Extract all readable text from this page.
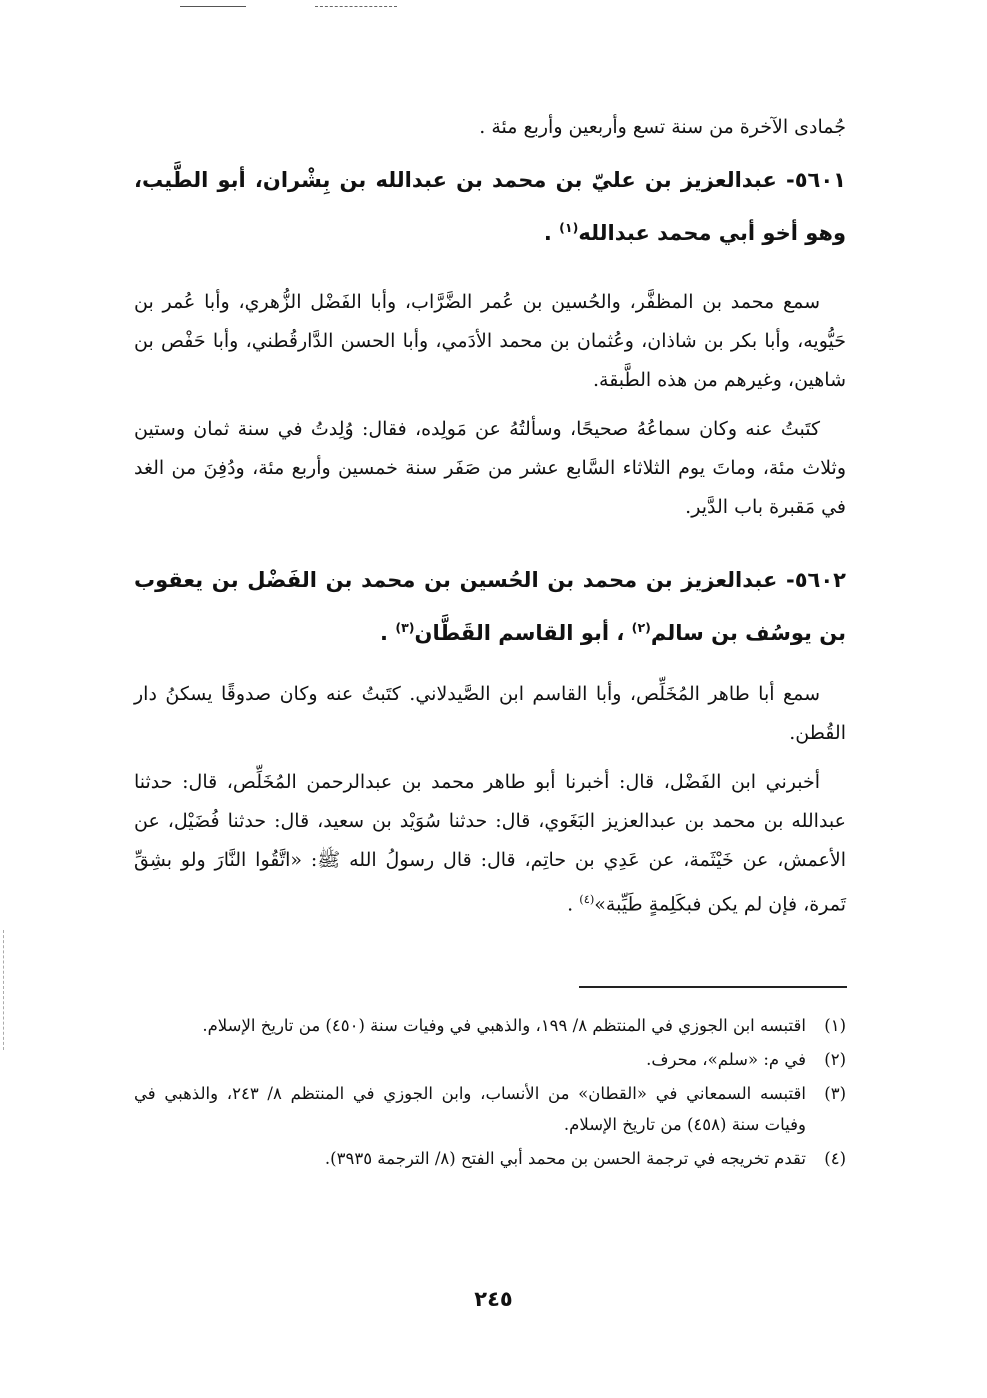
جُمادى الآخرة من سنة تسع وأربعين وأربع مئة .

٥٦٠١- عبدالعزيز بن عليّ بن محمد بن عبدالله بن بِشْران، أبو الطَّيب، وهو أخو أبي محمد عبدالله$^{(١)}$ .

سمع محمد بن المظفَّر، والحُسين بن عُمر الضَّرَّاب، وأبا الفَضْل الزُّهري، وأبا عُمر بن حَيُّويه، وأبا بكر بن شاذان، وعُثمان بن محمد الأدَمي، وأبا الحسن الدَّارقُطني، وأبا حَفْص بن شاهين، وغيرهم من هذه الطَّبقة.

كتَبتُ عنه وكان سماعُهُ صحيحًا، وسألتُهُ عن مَولِده، فقال: وُلِدتُ في سنة ثمان وستين وثلاث مئة، وماتَ يوم الثلاثاء السَّابع عشر من صَفَر سنة خمسين وأربع مئة، ودُفِنَ من الغد في مَقبرة باب الدَّير.

٥٦٠٢- عبدالعزيز بن محمد بن الحُسين بن محمد بن الفَضْل بن يعقوب بن يوسُف بن سالم$^{(٢)}$ ، أبو القاسم القَطَّان$^{(٣)}$ .

سمع أبا طاهر المُخَلِّص، وأبا القاسم ابن الصَّيدلاني. كتَبتُ عنه وكان صدوقًا يسكنُ دار القُطن.

أخبرني ابن الفَضْل، قال: أخبرنا أبو طاهر محمد بن عبدالرحمن المُخَلِّص، قال: حدثنا عبدالله بن محمد بن عبدالعزيز البَغَوي، قال: حدثنا سُوَيْد بن سعيد، قال: حدثنا فُضَيْل، عن الأعمش، عن خَيْثَمة، عن عَدِي بن حاتِم، قال: قال رسولُ الله ﷺ: «اتَّقُوا النَّارَ ولو بشِقِّ تَمرة، فإن لم يكن فبكَلِمةٍ طَيِّبة»$^{(٤)}$ .

(١)
اقتبسه ابن الجوزي في المنتظم ٨/ ١٩٩، والذهبي في وفيات سنة (٤٥٠) من تاريخ الإسلام.
(٢)
في م: «سلم»، محرف.
(٣)
اقتبسه السمعاني في «القطان» من الأنساب، وابن الجوزي في المنتظم ٨/ ٢٤٣، والذهبي في وفيات سنة (٤٥٨) من تاريخ الإسلام.
(٤)
تقدم تخريجه في ترجمة الحسن بن محمد أبي الفتح (٨/ الترجمة ٣٩٣٥).
٢٤٥
